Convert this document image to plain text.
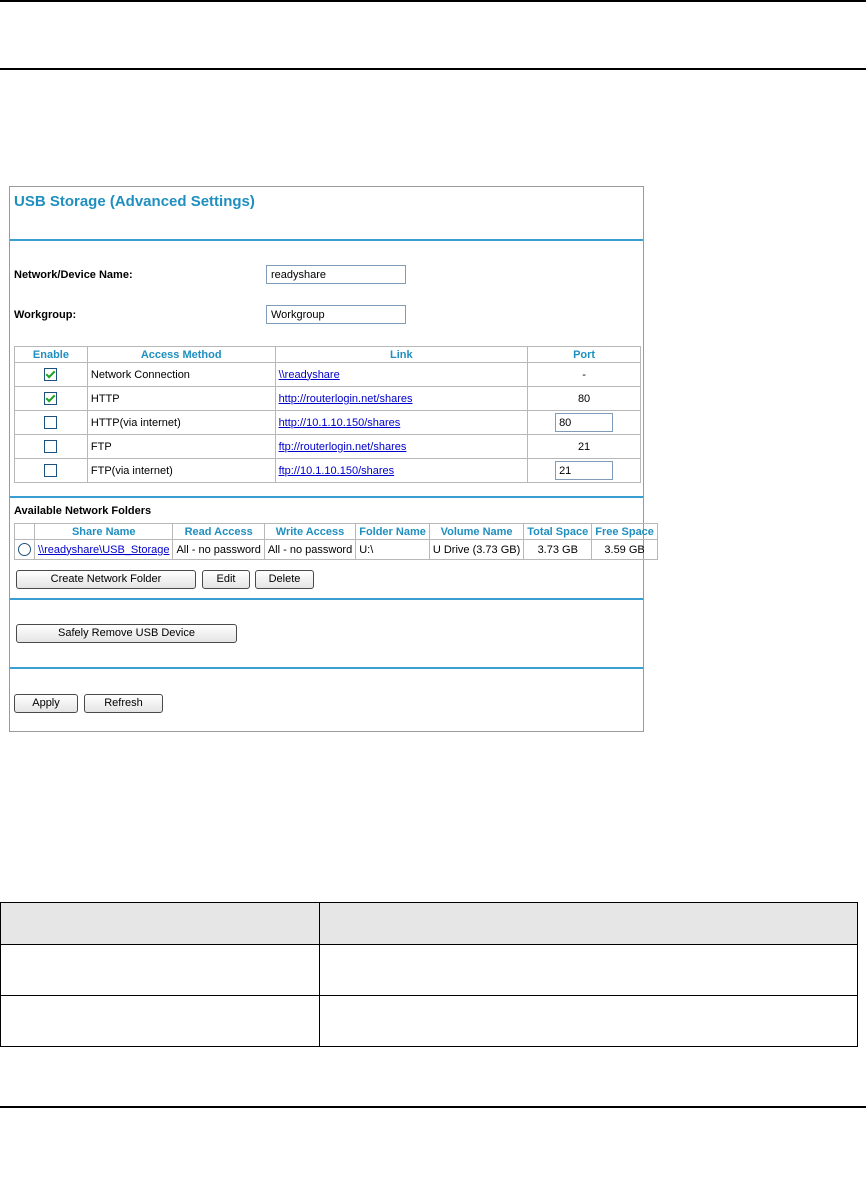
USB Storage (Advanced Settings)
Network/Device Name:
readyshare
Workgroup:
Workgroup
Enable	Access Method	Link	Port
	Network Connection	\\readyshare	-
	HTTP	http://routerlogin.net/shares	80
	HTTP(via internet)	http://10.1.10.150/shares	80
	FTP	ftp://routerlogin.net/shares	21
	FTP(via internet)	ftp://10.1.10.150/shares	21
Available Network Folders
	Share Name	Read Access	Write Access	Folder Name	Volume Name	Total Space	Free Space
	\\readyshare\USB_Storage	All - no password	All - no password	U:\	U Drive (3.73 GB)	3.73 GB	3.59 GB
Create Network Folder	Edit	Delete
Safely Remove USB Device
Apply	Refresh
